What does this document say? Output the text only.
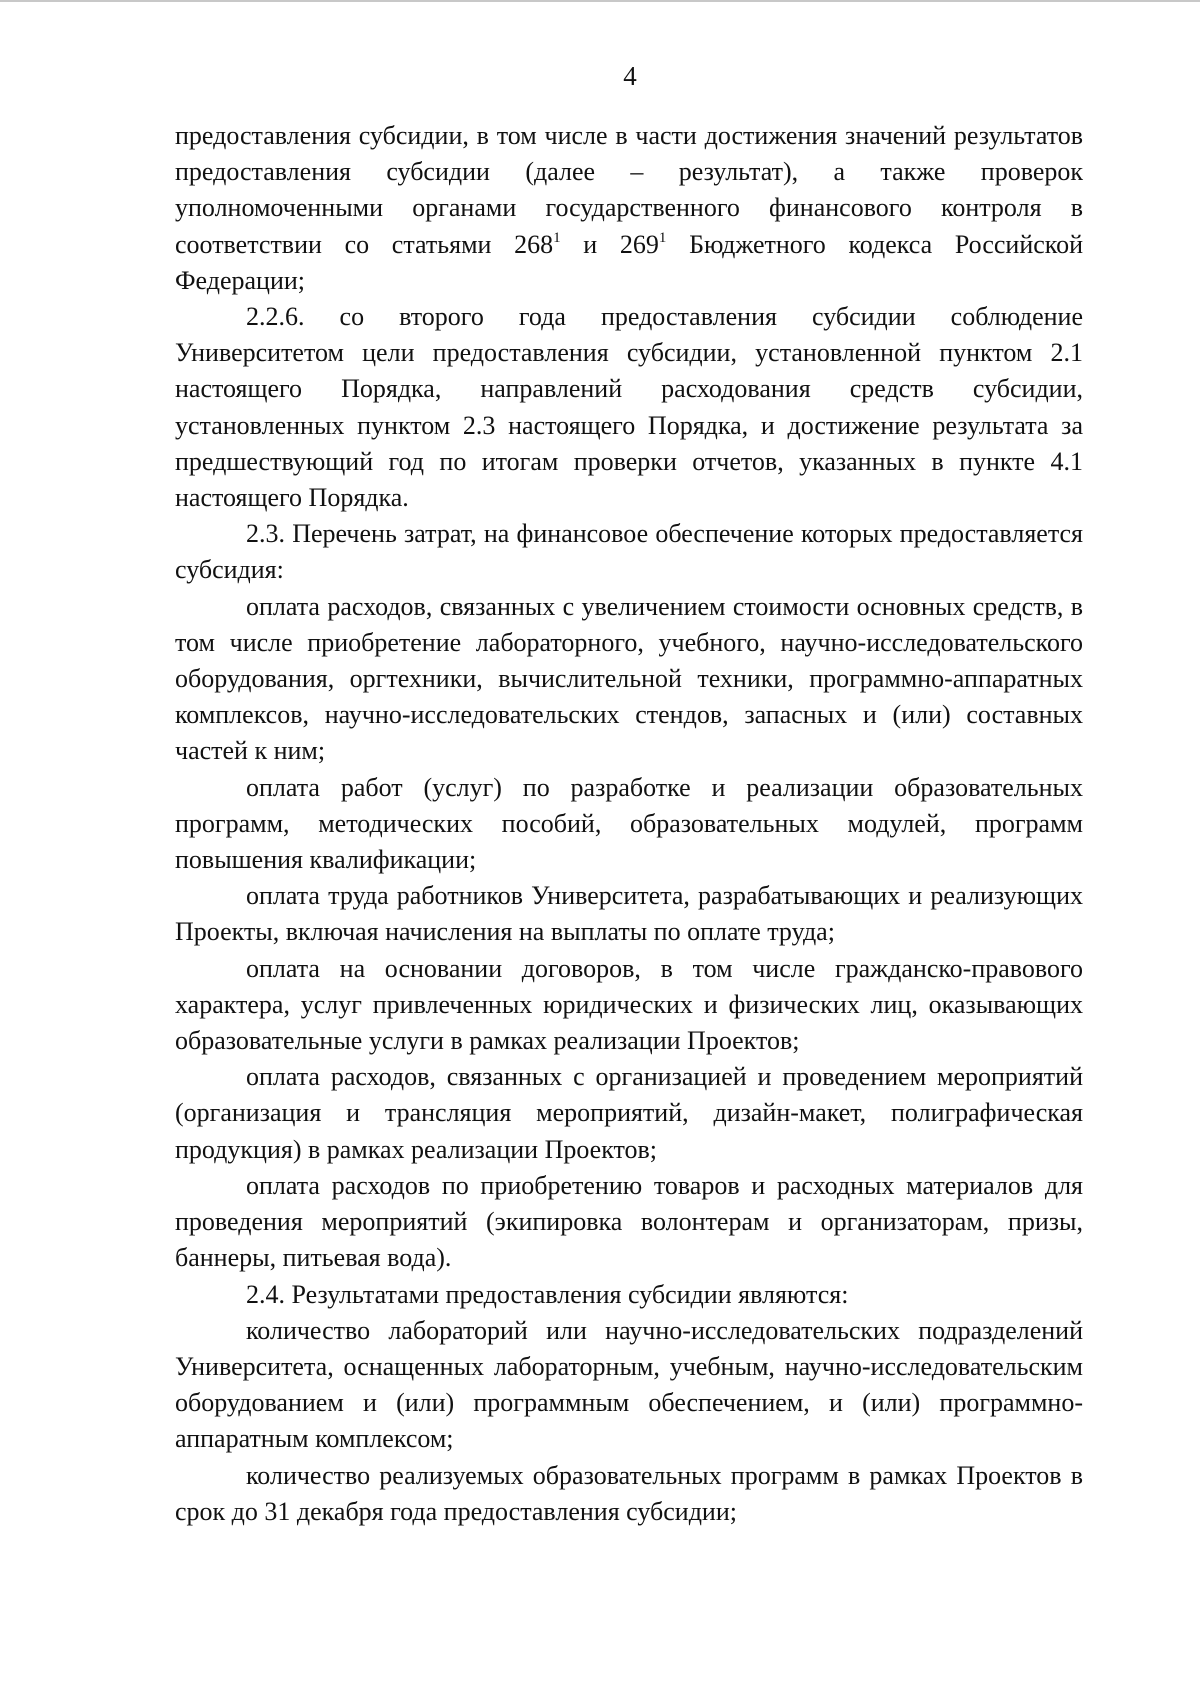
4

предоставления субсидии, в том числе в части достижения значений результатов предоставления субсидии (далее – результат), а также проверок уполномоченными органами государственного финансового контроля в соответствии со статьями $268^1$ и $269^1$ Бюджетного кодекса Российской Федерации;

2.2.6. со второго года предоставления субсидии соблюдение Университетом цели предоставления субсидии, установленной пунктом 2.1 настоящего Порядка, направлений расходования средств субсидии, установленных пунктом 2.3 настоящего Порядка, и достижение результата за предшествующий год по итогам проверки отчетов, указанных в пункте 4.1 настоящего Порядка.

2.3. Перечень затрат, на финансовое обеспечение которых предоставляется субсидия:

оплата расходов, связанных с увеличением стоимости основных средств, в том числе приобретение лабораторного, учебного, научно-исследовательского оборудования, оргтехники, вычислительной техники, программно-аппаратных комплексов, научно-исследовательских стендов, запасных и (или) составных частей к ним;

оплата работ (услуг) по разработке и реализации образовательных программ, методических пособий, образовательных модулей, программ повышения квалификации;

оплата труда работников Университета, разрабатывающих и реализующих Проекты, включая начисления на выплаты по оплате труда;

оплата на основании договоров, в том числе гражданско-правового характера, услуг привлеченных юридических и физических лиц, оказывающих образовательные услуги в рамках реализации Проектов;

оплата расходов, связанных с организацией и проведением мероприятий (организация и трансляция мероприятий, дизайн-макет, полиграфическая продукция) в рамках реализации Проектов;

оплата расходов по приобретению товаров и расходных материалов для проведения мероприятий (экипировка волонтерам и организаторам, призы, баннеры, питьевая вода).

2.4. Результатами предоставления субсидии являются:

количество лабораторий или научно-исследовательских подразделений Университета, оснащенных лабораторным, учебным, научно-исследовательским оборудованием и (или) программным обеспечением, и (или) программно-аппаратным комплексом;

количество реализуемых образовательных программ в рамках Проектов в срок до 31 декабря года предоставления субсидии;
